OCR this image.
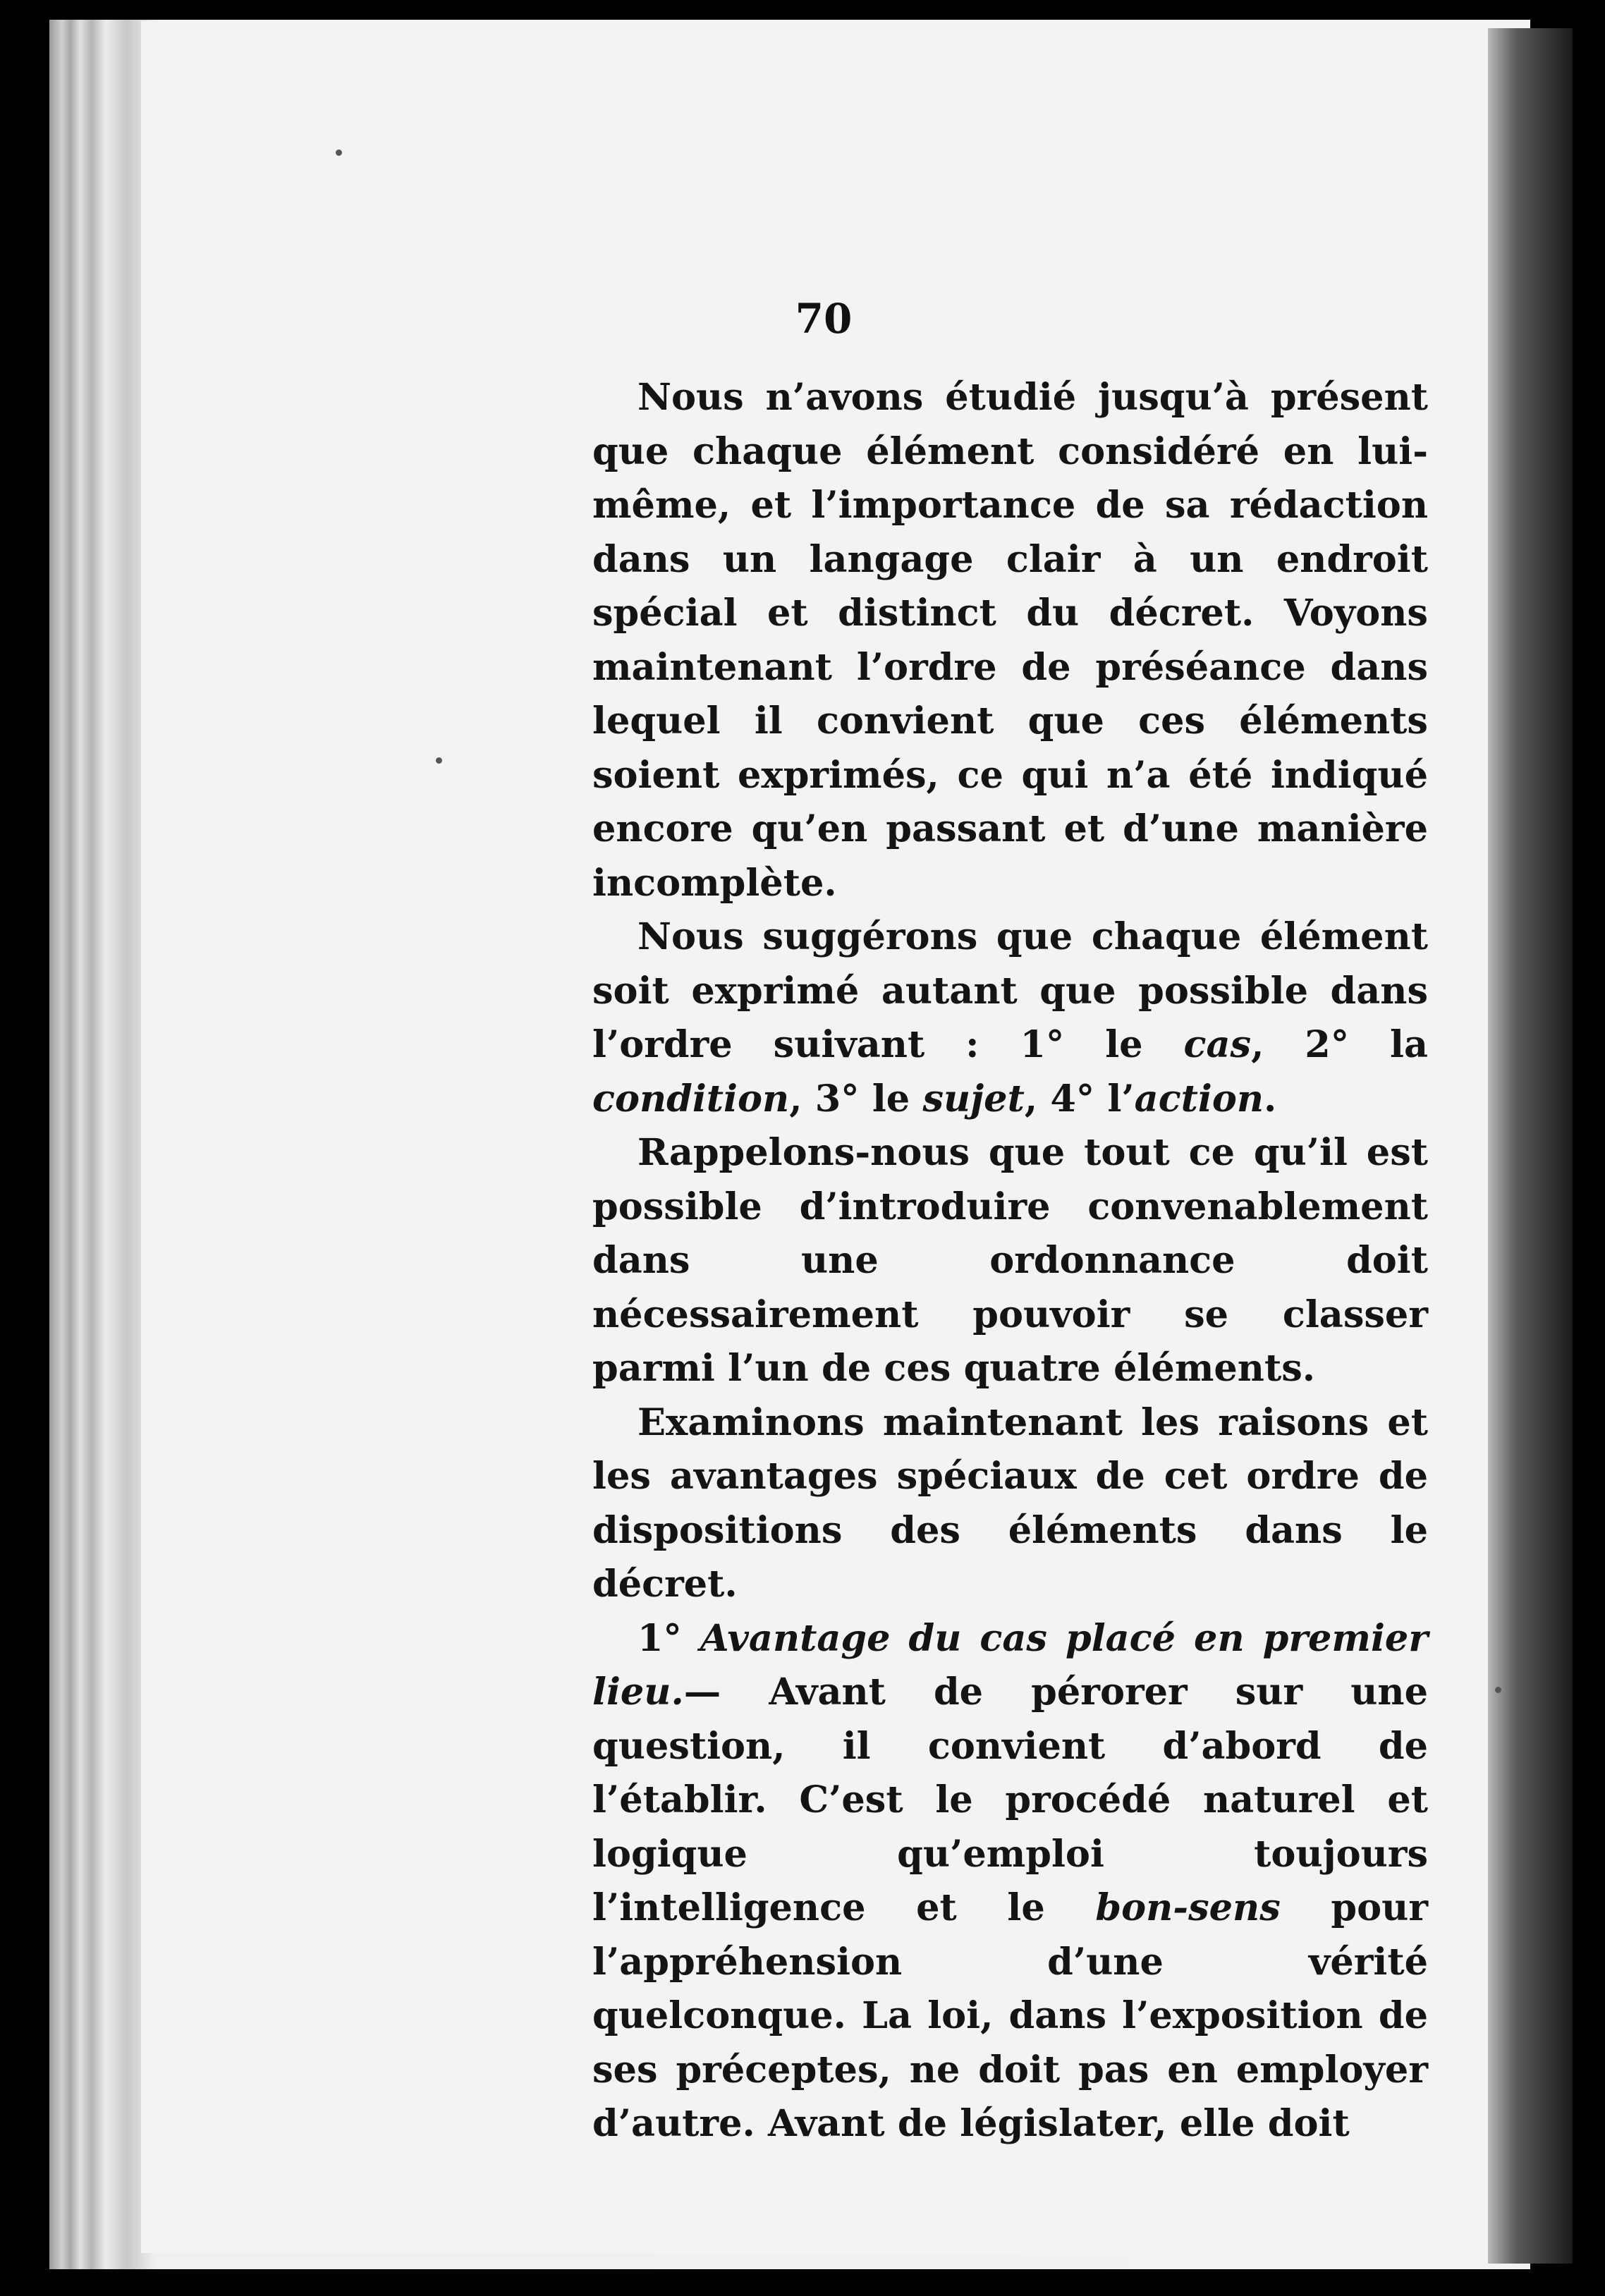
70

Nous n’avons étudié jusqu’à présent que chaque élément considéré en lui-même, et l’importance de sa rédaction dans un langage clair à un endroit spécial et distinct du décret. Voyons maintenant l’ordre de préséance dans lequel il convient que ces éléments soient exprimés, ce qui n’a été indiqué encore qu’en passant et d’une manière incomplète.

Nous suggérons que chaque élément soit exprimé autant que possible dans l’ordre suivant : 1° le cas, 2° la condition, 3° le sujet, 4° l’action.

Rappelons-nous que tout ce qu’il est possible d’introduire convenablement dans une ordonnance doit nécessairement pouvoir se classer parmi l’un de ces quatre éléments.

Examinons maintenant les raisons et les avantages spéciaux de cet ordre de dispositions des éléments dans le décret.

1° Avantage du cas placé en premier lieu.— Avant de pérorer sur une question, il convient d’abord de l’établir. C’est le procédé naturel et logique qu’emploi toujours l’intelligence et le bon-sens pour l’appréhension d’une vérité quelconque. La loi, dans l’exposition de ses préceptes, ne doit pas en employer d’autre. Avant de législater, elle doit
